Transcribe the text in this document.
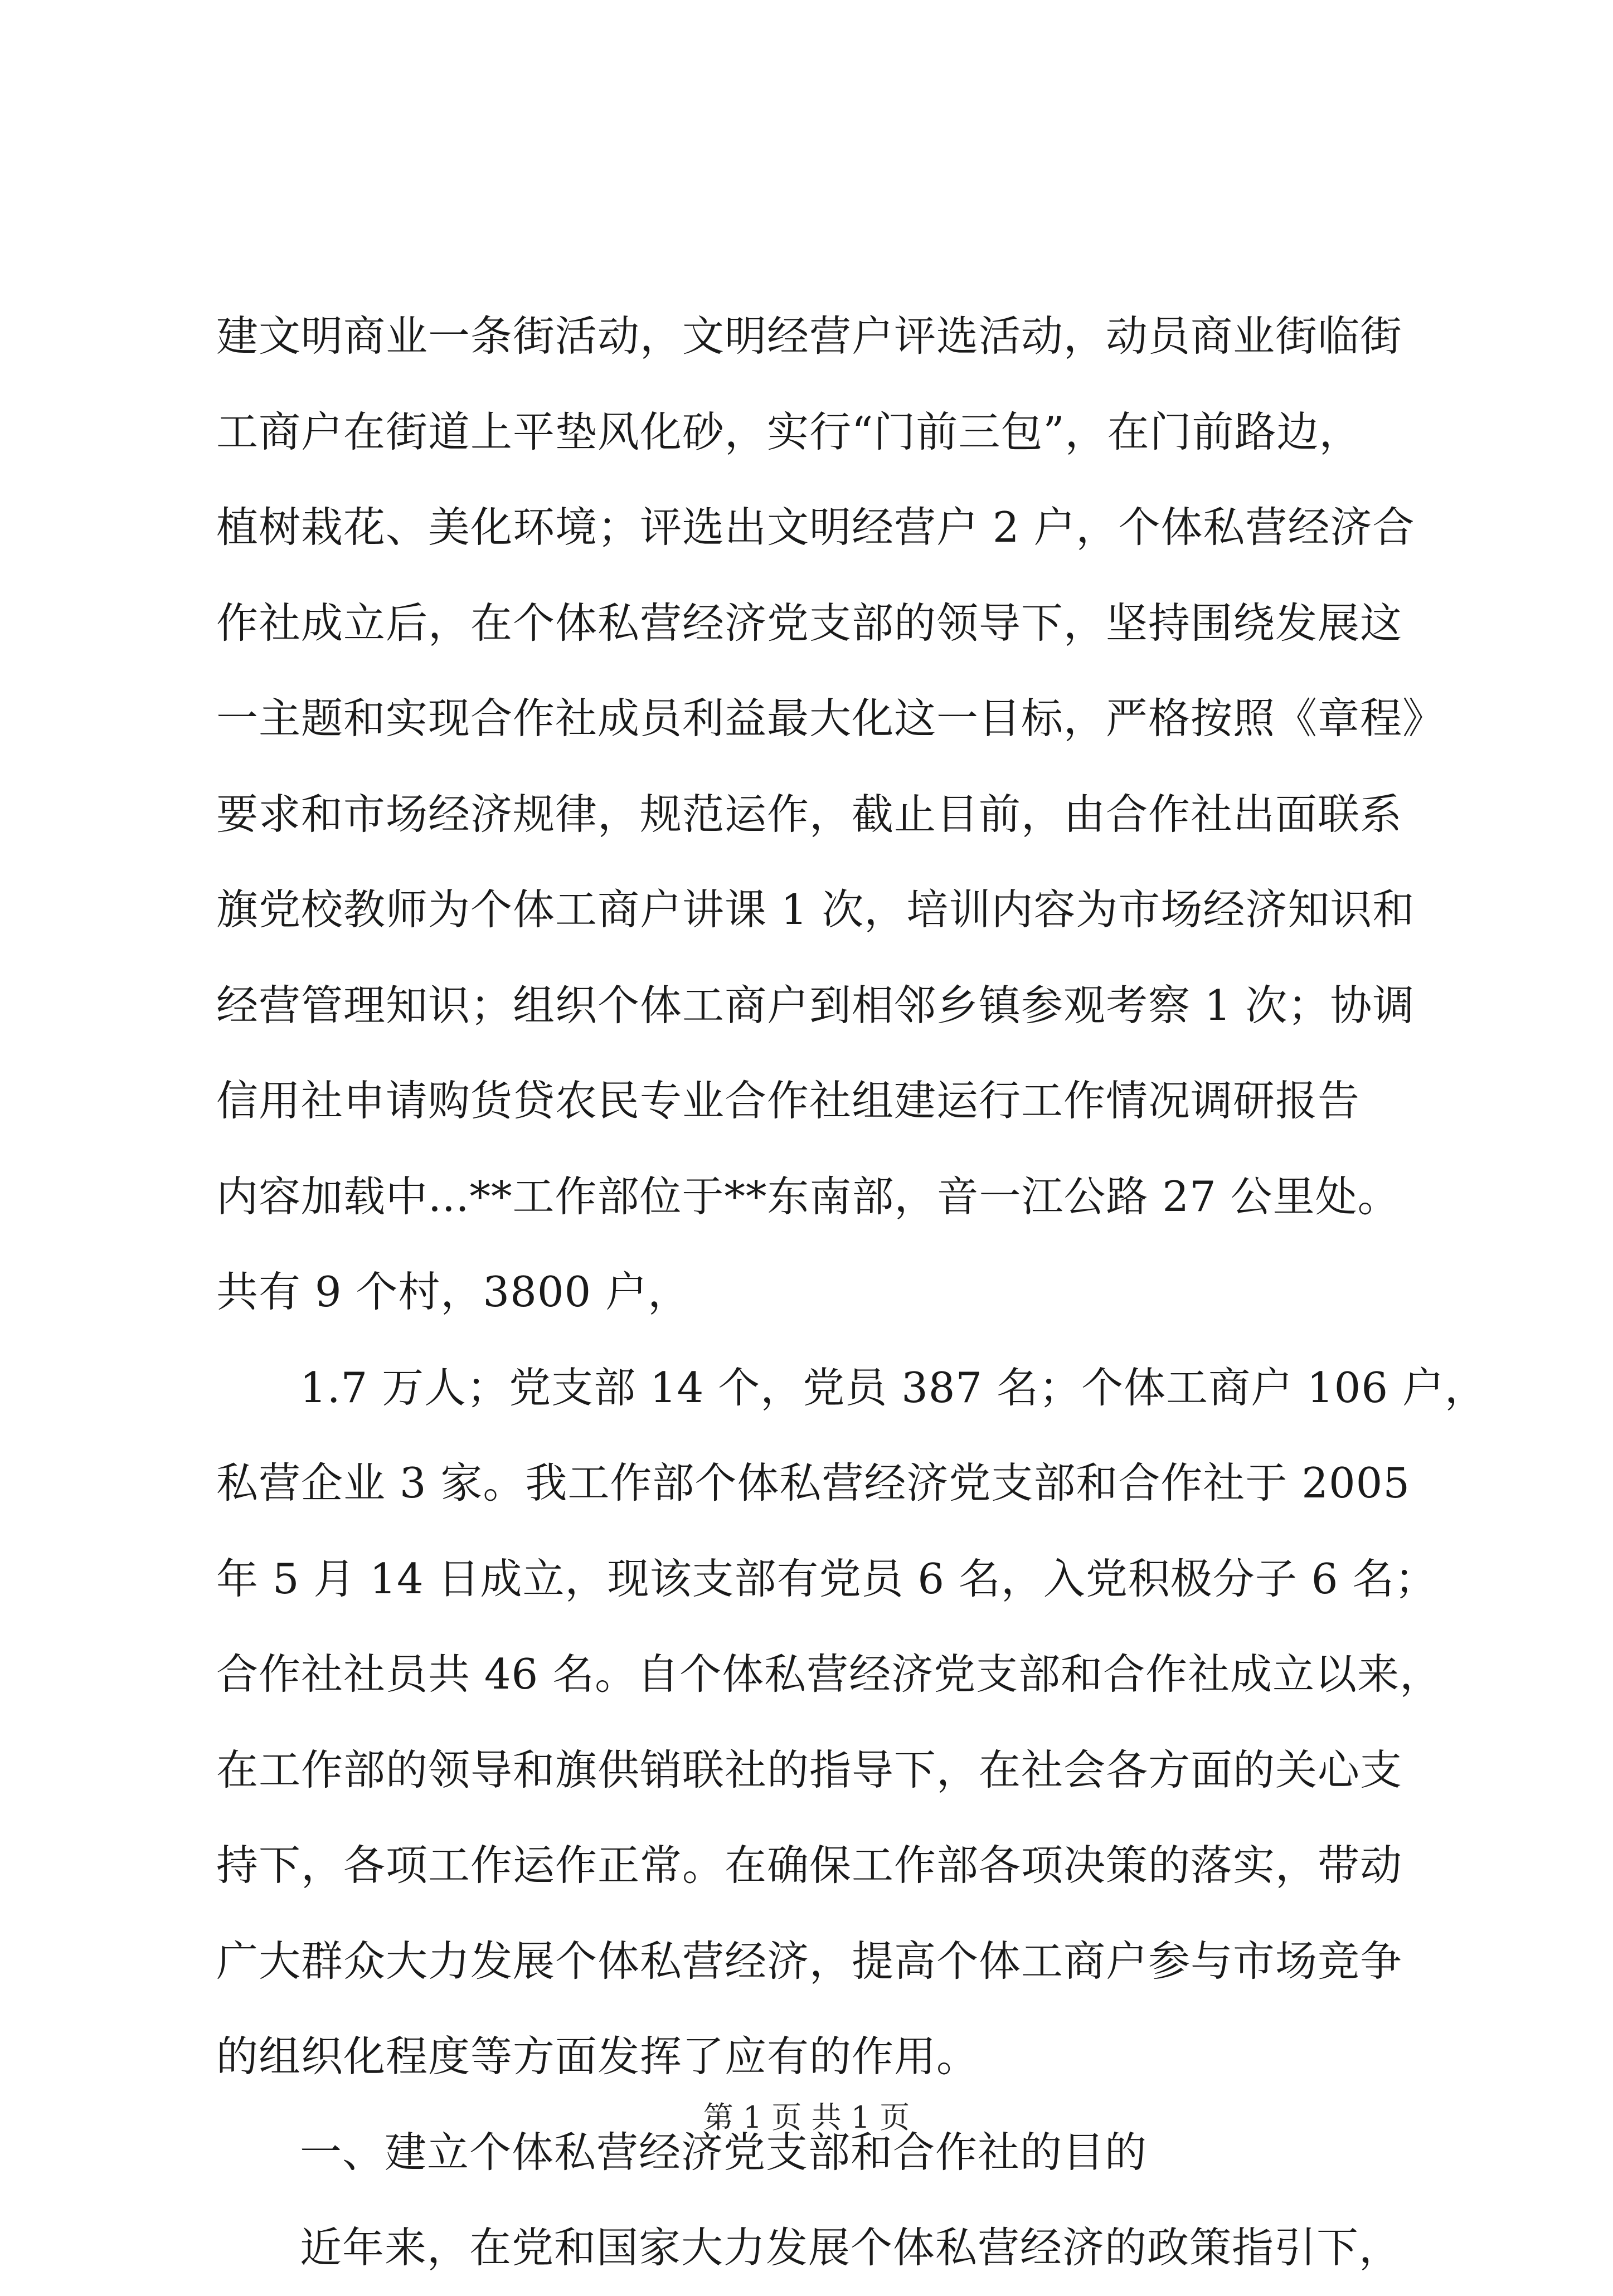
建文明商业一条街活动，文明经营户评选活动，动员商业街临街
工商户在街道上平垫风化砂，实行“门前三包”，在门前路边，
植树栽花、美化环境；评选出文明经营户 2 户，个体私营经济合
作社成立后，在个体私营经济党支部的领导下，坚持围绕发展这
一主题和实现合作社成员利益最大化这一目标，严格按照《章程》
要求和市场经济规律，规范运作，截止目前，由合作社出面联系
旗党校教师为个体工商户讲课 1 次，培训内容为市场经济知识和
经营管理知识；组织个体工商户到相邻乡镇参观考察 1 次；协调
信用社申请购货贷农民专业合作社组建运行工作情况调研报告
内容加载中...**工作部位于**东南部，音一江公路 27 公里处。
共有 9 个村，3800 户，
1.7 万人；党支部 14 个，党员 387 名；个体工商户 106 户，
私营企业 3 家。我工作部个体私营经济党支部和合作社于 2005
年 5 月 14 日成立，现该支部有党员 6 名，入党积极分子 6 名；
合作社社员共 46 名。自个体私营经济党支部和合作社成立以来，
在工作部的领导和旗供销联社的指导下，在社会各方面的关心支
持下，各项工作运作正常。在确保工作部各项决策的落实，带动
广大群众大力发展个体私营经济，提高个体工商户参与市场竞争
的组织化程度等方面发挥了应有的作用。
一、建立个体私营经济党支部和合作社的目的
近年来，在党和国家大力发展个体私营经济的政策指引下，
第 1 页 共 1 页
